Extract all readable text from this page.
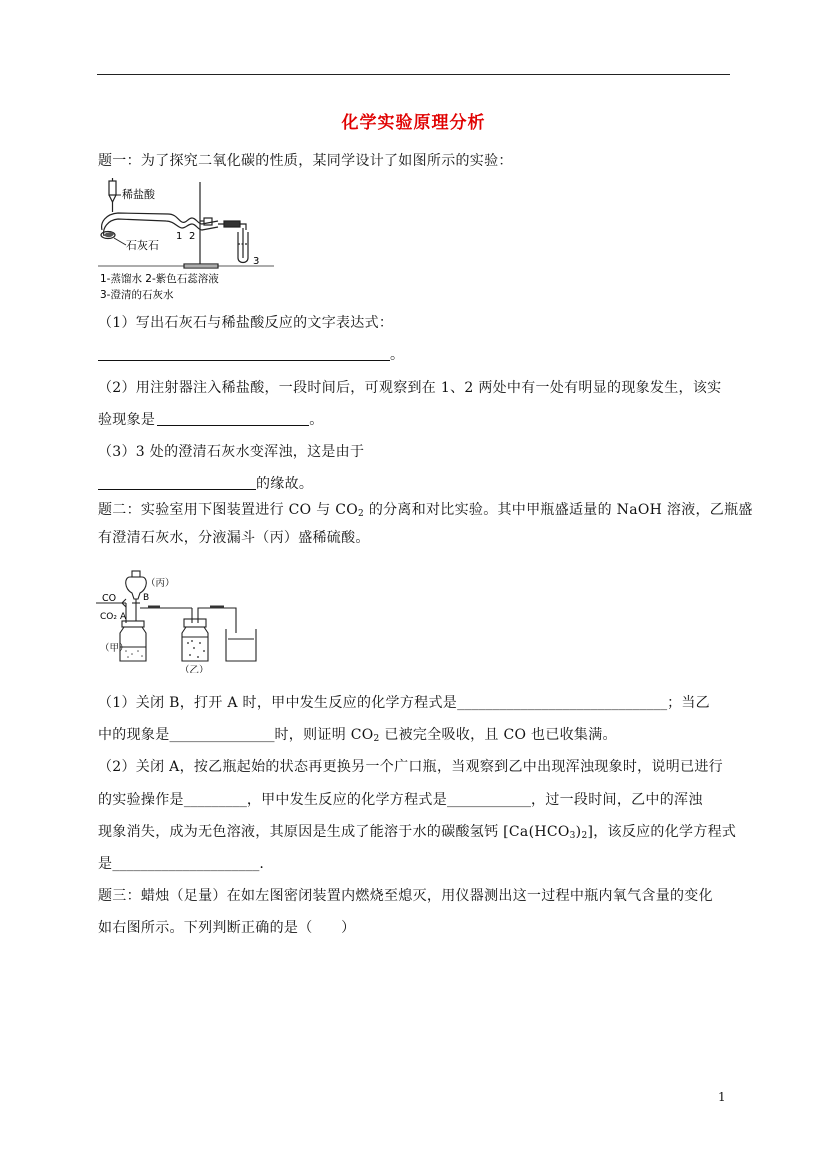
化学实验原理分析
题一：为了探究二氧化碳的性质，某同学设计了如图所示的实验：
稀盐酸
石灰石
1 2
3
1-蒸馏水 2-紫色石蕊溶液
3-澄清的石灰水
（1）写出石灰石与稀盐酸反应的文字表达式：
。
（2）用注射器注入稀盐酸，一段时间后，可观察到在 1、2 两处中有一处有明显的现象发生，该实
验现象是	。
（3）3 处的澄清石灰水变浑浊，这是由于
的缘故。
题二：实验室用下图装置进行 CO 与 $CO_2$ 的分离和对比实验。其中甲瓶盛适量的 NaOH 溶液，乙瓶盛
有澄清石灰水，分液漏斗（丙）盛稀硫酸。
（丙）
CO
CO₂ A
B
（甲）
（乙）
（1）关闭 B，打开 A 时，甲中发生反应的化学方程式是______________________________；当乙
中的现象是_______________时，则证明 $CO_2$ 已被完全吸收，且 CO 也已收集满。
（2）关闭 A，按乙瓶起始的状态再更换另一个广口瓶，当观察到乙中出现浑浊现象时，说明已进行
的实验操作是_________，甲中发生反应的化学方程式是____________，过一段时间，乙中的浑浊
现象消失，成为无色溶液，其原因是生成了能溶于水的碳酸氢钙 $[Ca(HCO_3)_2]$，该反应的化学方程式
是_____________________.
题三：蜡烛（足量）在如左图密闭装置内燃烧至熄灭，用仪器测出这一过程中瓶内氧气含量的变化
如右图所示。下列判断正确的是（　　）
1
